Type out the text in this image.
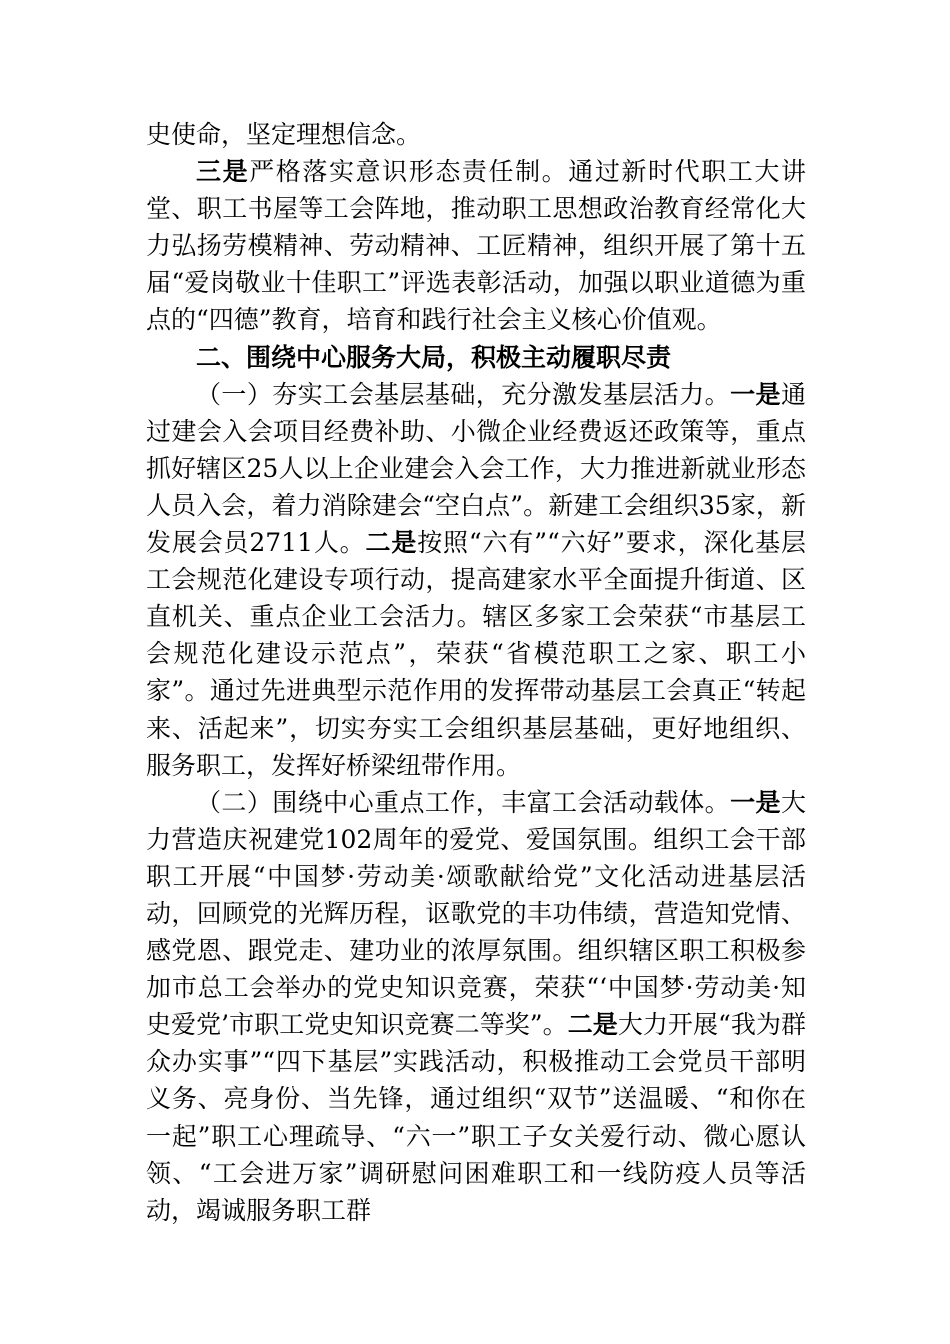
史使命，坚定理想信念。

三是严格落实意识形态责任制。通过新时代职工大讲堂、职工书屋等工会阵地，推动职工思想政治教育经常化大力弘扬劳模精神、劳动精神、工匠精神，组织开展了第十五届“爱岗敬业十佳职工”评选表彰活动，加强以职业道德为重点的“四德”教育，培育和践行社会主义核心价值观。

二、围绕中心服务大局，积极主动履职尽责

（一）夯实工会基层基础，充分激发基层活力。一是通过建会入会项目经费补助、小微企业经费返还政策等，重点抓好辖区25人以上企业建会入会工作，大力推进新就业形态人员入会，着力消除建会“空白点”。新建工会组织35家，新发展会员2711人。二是按照“六有”“六好”要求，深化基层工会规范化建设专项行动，提高建家水平全面提升街道、区直机关、重点企业工会活力。辖区多家工会荣获“市基层工会规范化建设示范点”，荣获“省模范职工之家、职工小家”。通过先进典型示范作用的发挥带动基层工会真正“转起来、活起来”，切实夯实工会组织基层基础，更好地组织、服务职工，发挥好桥梁纽带作用。

（二）围绕中心重点工作，丰富工会活动载体。一是大力营造庆祝建党102周年的爱党、爱国氛围。组织工会干部职工开展“中国梦·劳动美·颂歌献给党”文化活动进基层活动，回顾党的光辉历程，讴歌党的丰功伟绩，营造知党情、感党恩、跟党走、建功业的浓厚氛围。组织辖区职工积极参加市总工会举办的党史知识竞赛，荣获“‘中国梦·劳动美·知史爱党’市职工党史知识竞赛二等奖”。二是大力开展“我为群众办实事”“四下基层”实践活动，积极推动工会党员干部明义务、亮身份、当先锋，通过组织“双节”送温暖、“和你在一起”职工心理疏导、“六一”职工子女关爱行动、微心愿认领、“工会进万家”调研慰问困难职工和一线防疫人员等活动，竭诚服务职工群
